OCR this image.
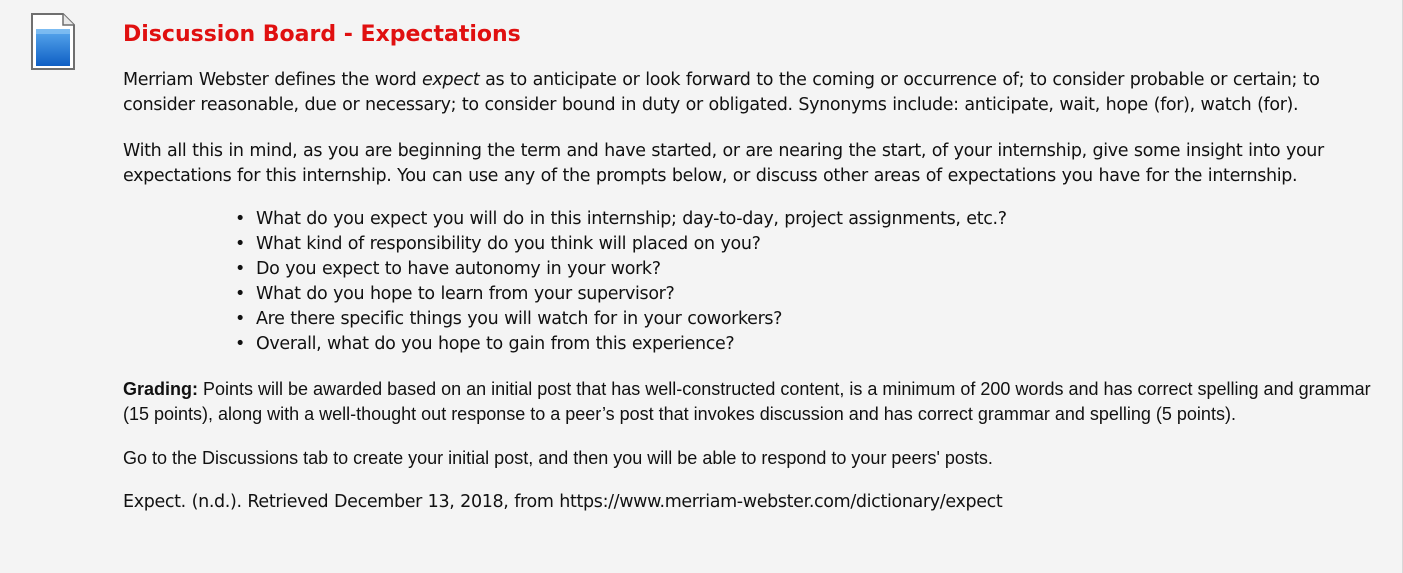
Discussion Board - Expectations

Merriam Webster defines the word expect as to anticipate or look forward to the coming or occurrence of; to consider probable or certain; to consider reasonable, due or necessary; to consider bound in duty or obligated. Synonyms include: anticipate, wait, hope (for), watch (for).

With all this in mind, as you are beginning the term and have started, or are nearing the start, of your internship, give some insight into your expectations for this internship. You can use any of the prompts below, or discuss other areas of expectations you have for the internship.

• What do you expect you will do in this internship; day-to-day, project assignments, etc.?
• What kind of responsibility do you think will placed on you?
• Do you expect to have autonomy in your work?
• What do you hope to learn from your supervisor?
• Are there specific things you will watch for in your coworkers?
• Overall, what do you hope to gain from this experience?

Grading: Points will be awarded based on an initial post that has well-constructed content, is a minimum of 200 words and has correct spelling and grammar (15 points), along with a well-thought out response to a peer’s post that invokes discussion and has correct grammar and spelling (5 points).

Go to the Discussions tab to create your initial post, and then you will be able to respond to your peers' posts.

Expect. (n.d.). Retrieved December 13, 2018, from https://www.merriam-webster.com/dictionary/expect
